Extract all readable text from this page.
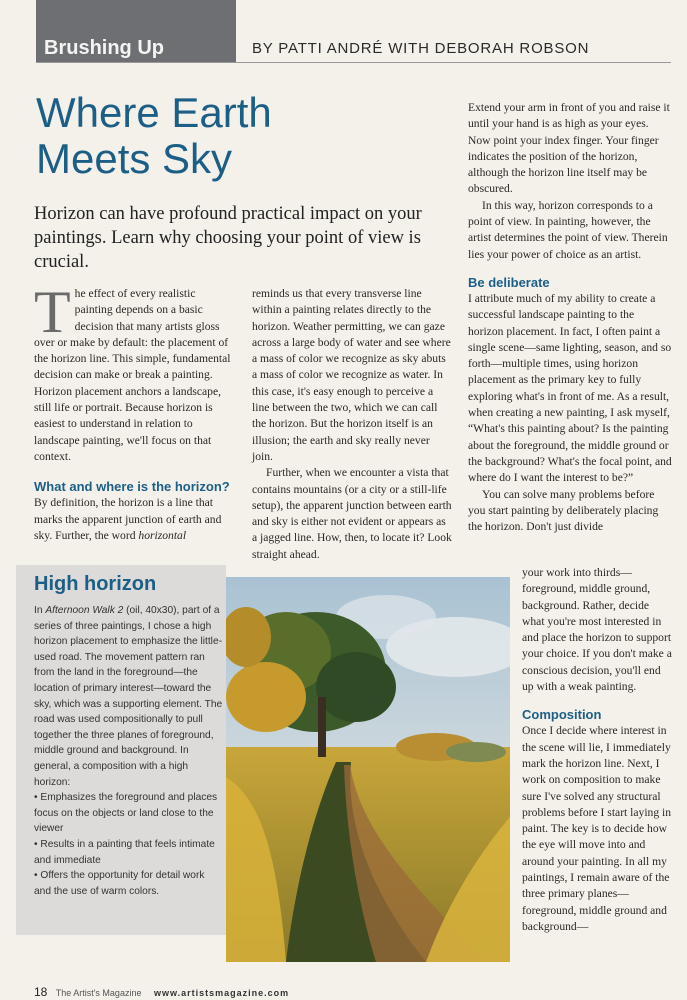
Brushing Up	BY PATTI ANDRÉ WITH DEBORAH ROBSON
Where Earth
Meets Sky
Horizon can have profound practical impact on your paintings. Learn why choosing your point of view is crucial.

The effect of every realistic painting depends on a basic decision that many artists gloss over or make by default: the placement of the horizon line. This simple, fundamental decision can make or break a painting. Horizon placement anchors a landscape, still life or portrait. Because horizon is easiest to understand in relation to landscape painting, we'll focus on that context.

What and where is the horizon?

By definition, the horizon is a line that marks the apparent junction of earth and sky. Further, the word horizontal

reminds us that every transverse line within a painting relates directly to the horizon. Weather permitting, we can gaze across a large body of water and see where a mass of color we recognize as sky abuts a mass of color we recognize as water. In this case, it's easy enough to perceive a line between the two, which we can call the horizon. But the horizon itself is an illusion; the earth and sky really never join.

Further, when we encounter a vista that contains mountains (or a city or a still-life setup), the apparent junction between earth and sky is either not evident or appears as a jagged line. How, then, to locate it? Look straight ahead.

Extend your arm in front of you and raise it until your hand is as high as your eyes. Now point your index finger. Your finger indicates the position of the horizon, although the horizon line itself may be obscured.

In this way, horizon corresponds to a point of view. In painting, however, the artist determines the point of view. Therein lies your power of choice as an artist.

Be deliberate

I attribute much of my ability to create a successful landscape painting to the horizon placement. In fact, I often paint a single scene—same lighting, season, and so forth—multiple times, using horizon placement as the primary key to fully exploring what's in front of me. As a result, when creating a new painting, I ask myself, “What's this painting about? Is the painting about the foreground, the middle ground or the background? What's the focal point, and where do I want the interest to be?”

You can solve many problems before you start painting by deliberately placing the horizon. Don't just divide

your work into thirds—foreground, middle ground, background. Rather, decide what you're most interested in and place the horizon to support your choice. If you don't make a conscious decision, you'll end up with a weak painting.

Composition

Once I decide where interest in the scene will lie, I immediately mark the horizon line. Next, I work on composition to make sure I've solved any structural problems before I start laying in paint. The key is to decide how the eye will move into and around your painting. In all my paintings, I remain aware of the three primary planes—foreground, middle ground and background—

High horizon

In Afternoon Walk 2 (oil, 40x30), part of a series of three paintings, I chose a high horizon placement to emphasize the little-used road. The movement pattern ran from the land in the foreground—the location of primary interest—toward the sky, which was a supporting element. The road was used compositionally to pull together the three planes of foreground, middle ground and background. In general, a composition with a high horizon:

• Emphasizes the foreground and places focus on the objects or land close to the viewer
• Results in a painting that feels intimate and immediate
• Offers the opportunity for detail work and the use of warm colors.
18 The Artist's Magazine www.artistsmagazine.com
